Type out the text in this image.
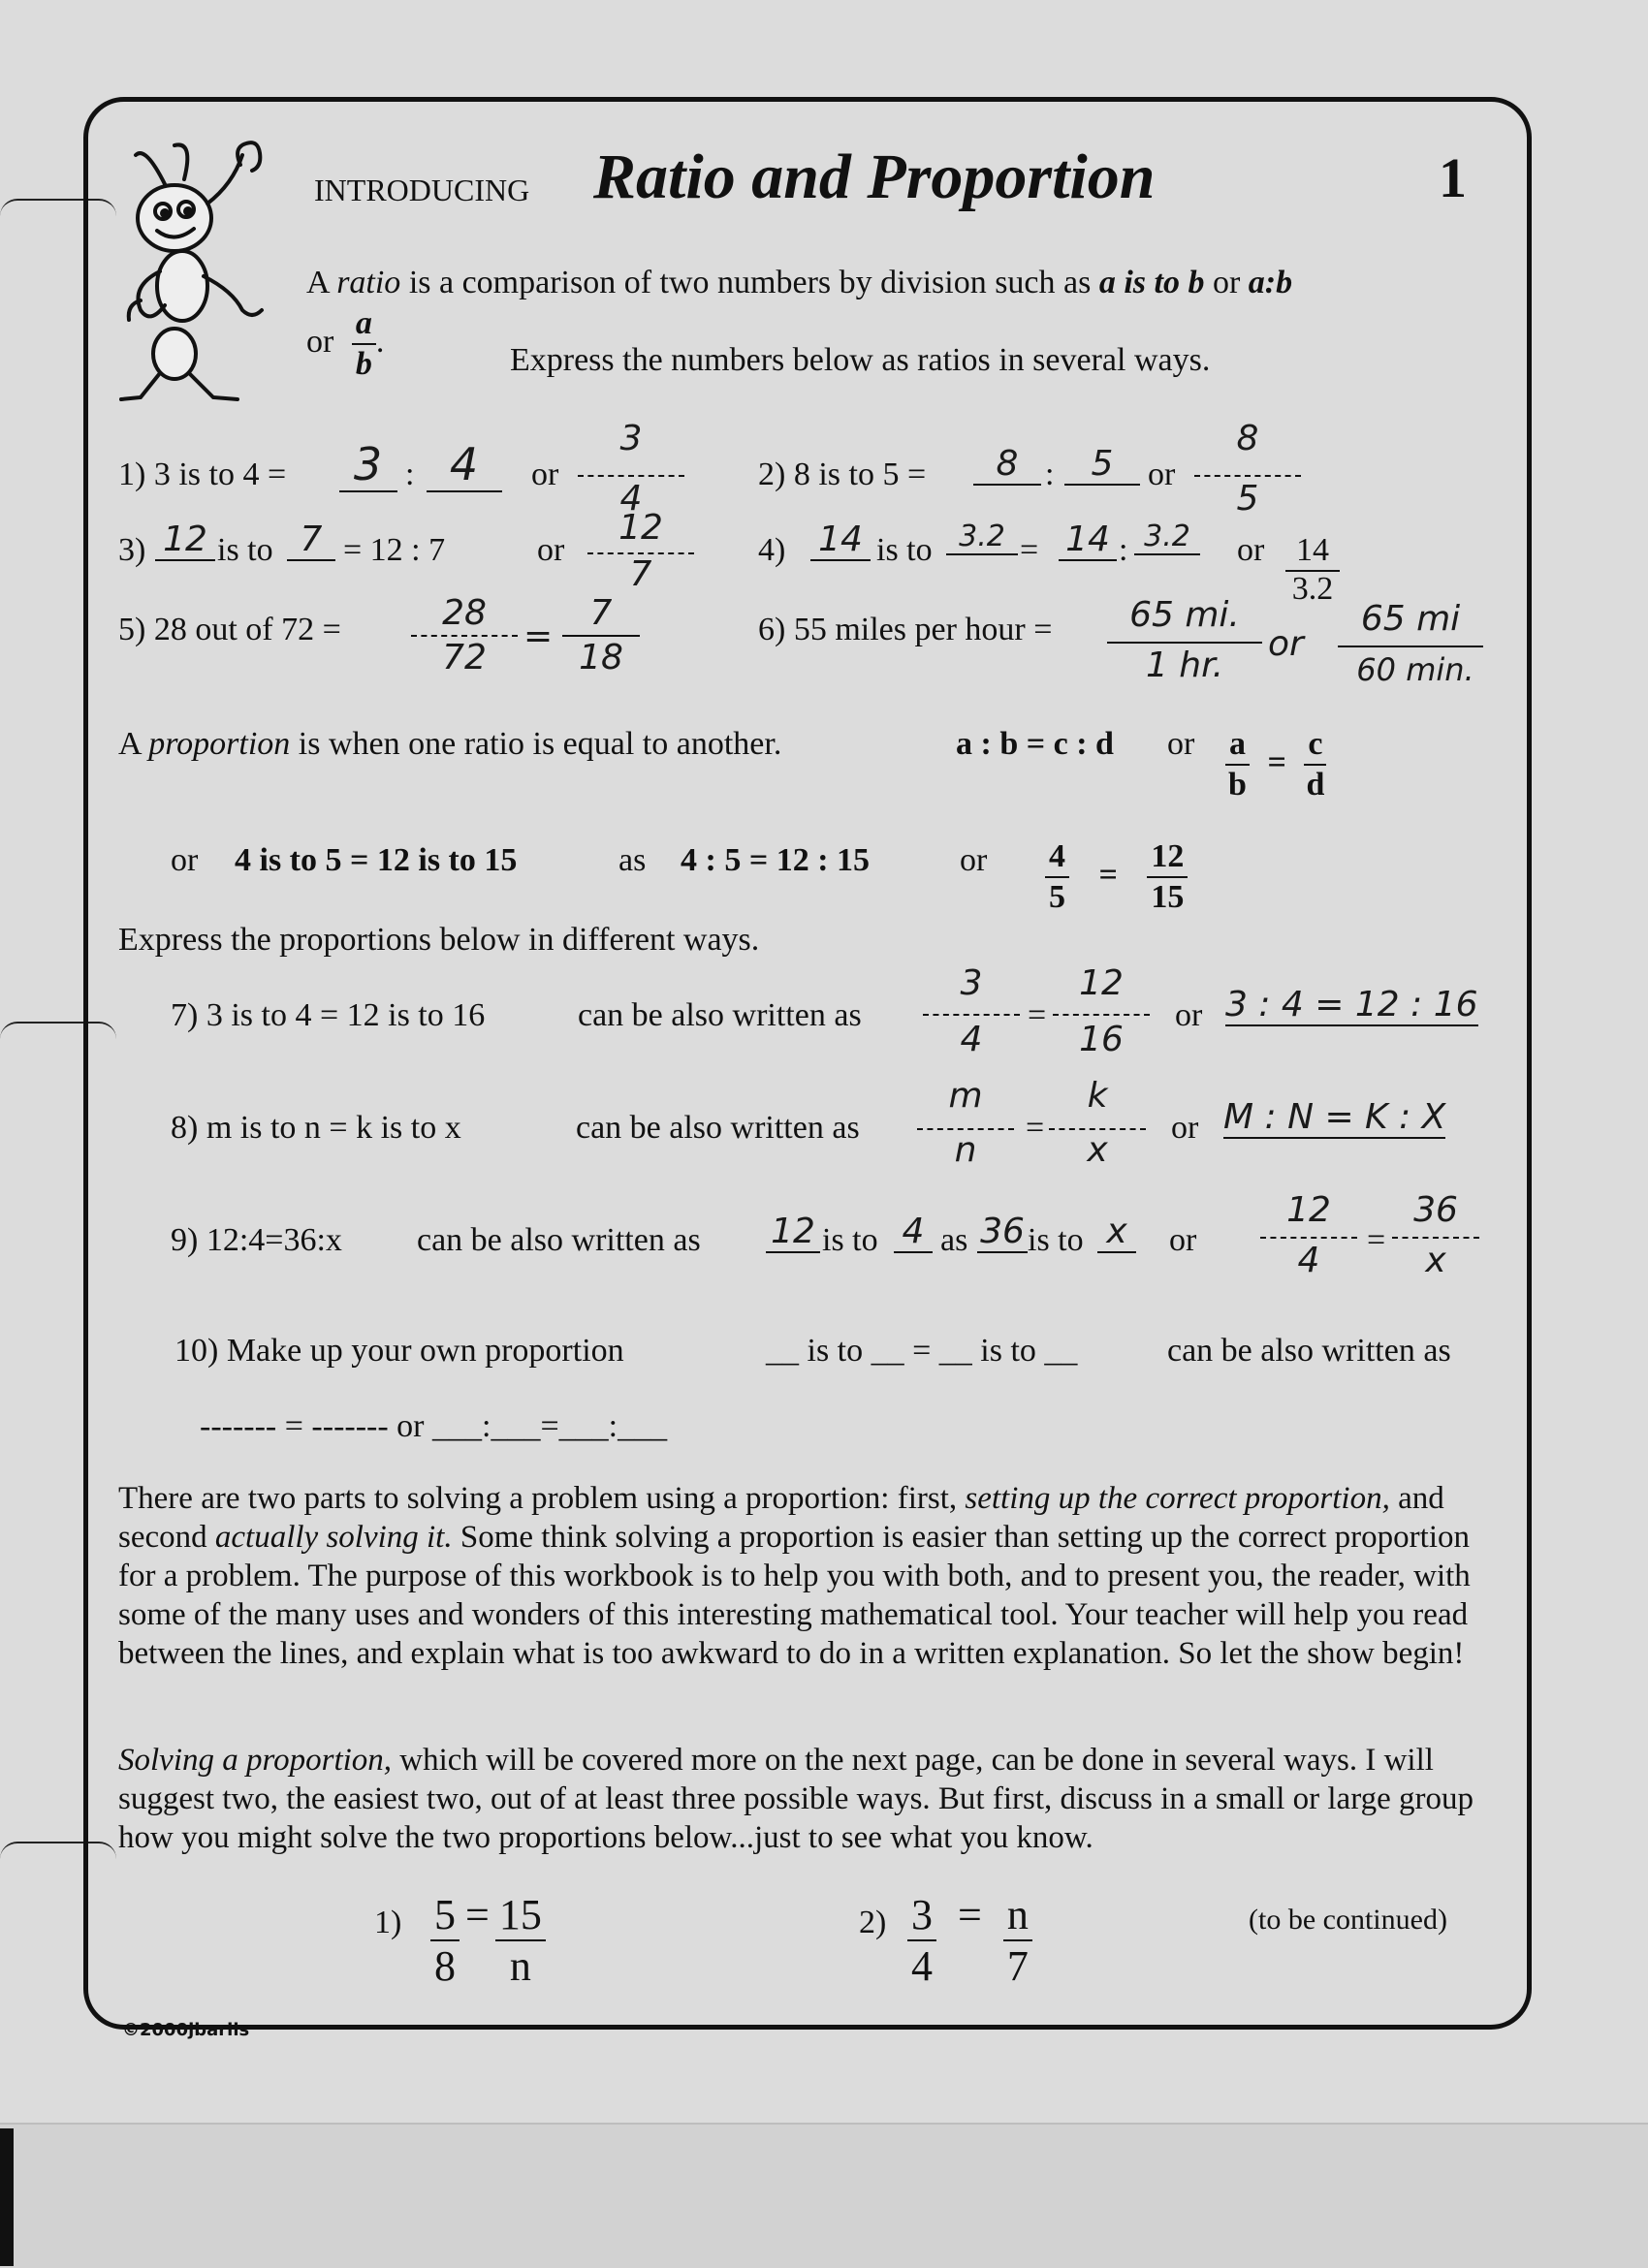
INTRODUCING Ratio and Proportion	1
A ratio is a comparison of two numbers by division such as a is to b or a:b
or $\frac{a}{b}$ .
Express the numbers below as ratios in several ways.
1) 3 is to 4 =	3 : 4	or
3
4
2) 8 is to 5 =	8 :	5	or
8
5
3) 12 is to 7 = 12 : 7	or
12
7
4) 14 is to 3.2 = 14 : 3.2 or 14
3.2
5) 28 out of 72 =	28
72
=
7
18
6) 55 miles per hour =	65 mi.
1 hr.
or
65 mi
60 min.
A proportion is when one ratio is equal to another.	a : b = c : d or $\frac{a}{b} = \frac{c}{d}$
or 4 is to 5 = 12 is to 15	as 4 : 5 = 12 : 15	or $\frac{4}{5} = \frac{12}{15}$
Express the proportions below in different ways.
7) 3 is to 4 = 12 is to 16	can be also written as
3
4
=
12
16
or 3 : 4 = 12 : 16
8) m is to n = k is to x	can be also written as
m
n
=
k
x
or M : N = K : X
9) 12:4=36:x can be also written as 12 is to 4 as 36 is to x or
12
4
=
36
x
10) Make up your own proportion	__ is to __ = __ is to __	can be also written as
------- = ------- or ___:___=___:___
There are two parts to solving a problem using a proportion: first, setting up the correct proportion, and second actually solving it. Some think solving a proportion is easier than setting up the correct proportion for a problem. The purpose of this workbook is to help you with both, and to present you, the reader, with some of the many uses and wonders of this interesting mathematical tool. Your teacher will help you read between the lines, and explain what is too awkward to do in a written explanation. So let the show begin!
Solving a proportion, which will be covered more on the next page, can be done in several ways. I will suggest two, the easiest two, out of at least three possible ways. But first, discuss in a small or large group how you might solve the two proportions below...just to see what you know.
$1) \frac{5}{8} = \frac{15}{n}$	$2) \frac{3}{4} = \frac{n}{7}$	(to be continued)
©2000jbarils
